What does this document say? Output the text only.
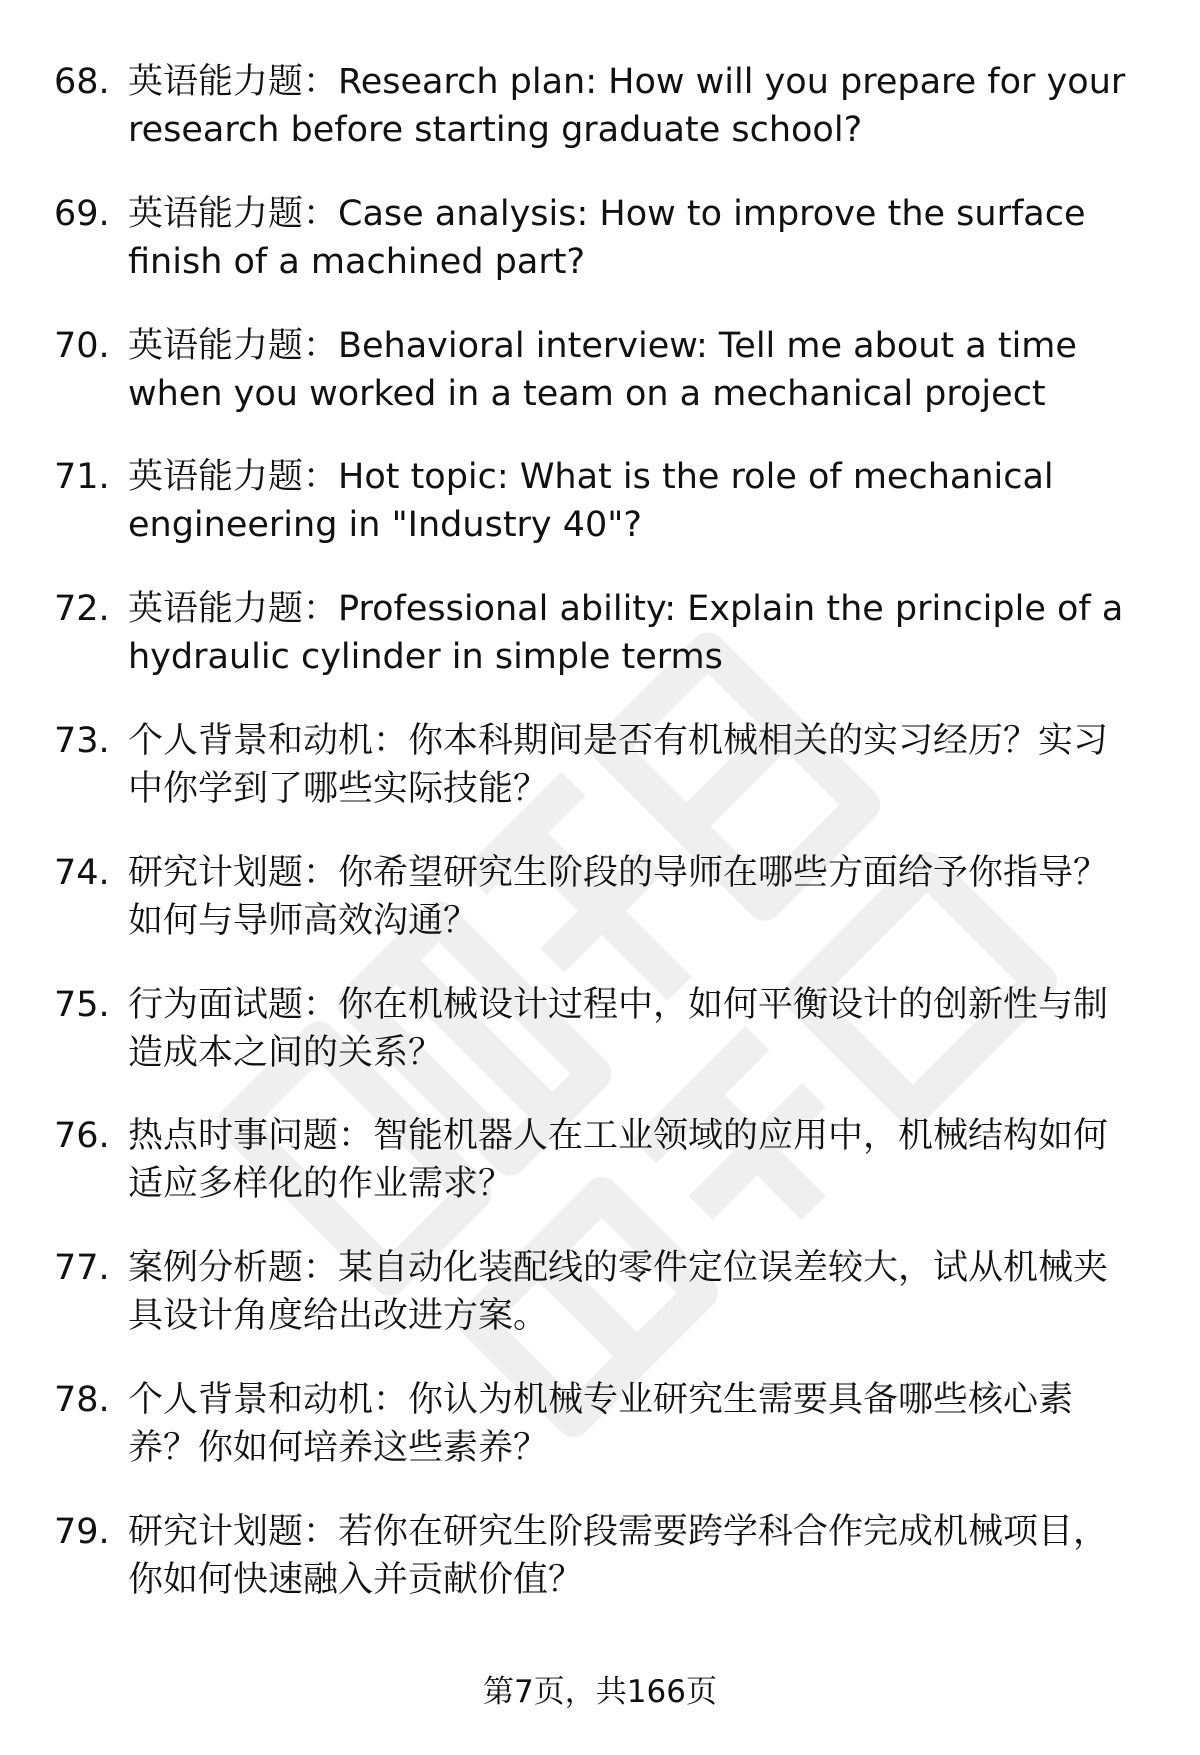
68. 英语能力题：Research plan: How will you prepare for your
research before starting graduate school?
69. 英语能力题：Case analysis: How to improve the surface
finish of a machined part?
70. 英语能力题：Behavioral interview: Tell me about a time
when you worked in a team on a mechanical project
71. 英语能力题：Hot topic: What is the role of mechanical
engineering in "Industry 40"?
72. 英语能力题：Professional ability: Explain the principle of a
hydraulic cylinder in simple terms
73. 个人背景和动机：你本科期间是否有机械相关的实习经历？实习
中你学到了哪些实际技能？
74. 研究计划题：你希望研究生阶段的导师在哪些方面给予你指导？
如何与导师高效沟通？
75. 行为面试题：你在机械设计过程中，如何平衡设计的创新性与制
造成本之间的关系？
76. 热点时事问题：智能机器人在工业领域的应用中，机械结构如何
适应多样化的作业需求？
77. 案例分析题：某自动化装配线的零件定位误差较大，试从机械夹
具设计角度给出改进方案。
78. 个人背景和动机：你认为机械专业研究生需要具备哪些核心素
养？你如何培养这些素养？
79. 研究计划题：若你在研究生阶段需要跨学科合作完成机械项目，
你如何快速融入并贡献价值？
第7页，共166页
